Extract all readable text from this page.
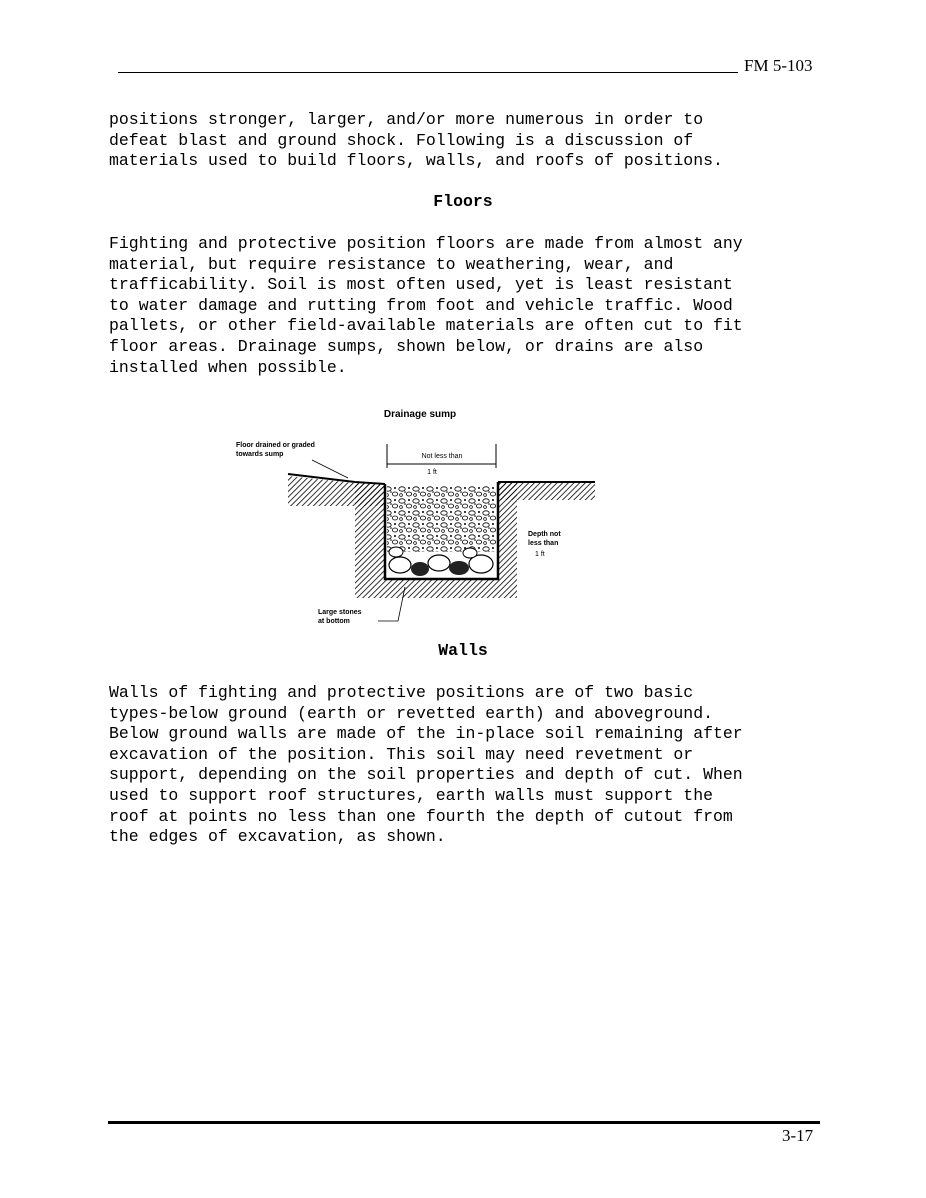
FM 5-103

positions stronger, larger, and/or more numerous in order to
defeat blast and ground shock. Following is a discussion of
materials used to build floors, walls, and roofs of positions.

Floors

Fighting and protective position floors are made from almost any
material, but require resistance to weathering, wear, and
trafficability. Soil is most often used, yet is least resistant
to water damage and rutting from foot and vehicle traffic. Wood
pallets, or other field-available materials are often cut to fit
floor areas. Drainage sumps, shown below, or drains are also
installed when possible.

Drainage sump
Not less than
1 ft
Floor drained or graded
towards sump
Depth not
less than
1 ft
Large stones
at bottom
Walls

Walls of fighting and protective positions are of two basic
types-below ground (earth or revetted earth) and aboveground.
Below ground walls are made of the in-place soil remaining after
excavation of the position. This soil may need revetment or
support, depending on the soil properties and depth of cut. When
used to support roof structures, earth walls must support the
roof at points no less than one fourth the depth of cutout from
the edges of excavation, as shown.

3-17
